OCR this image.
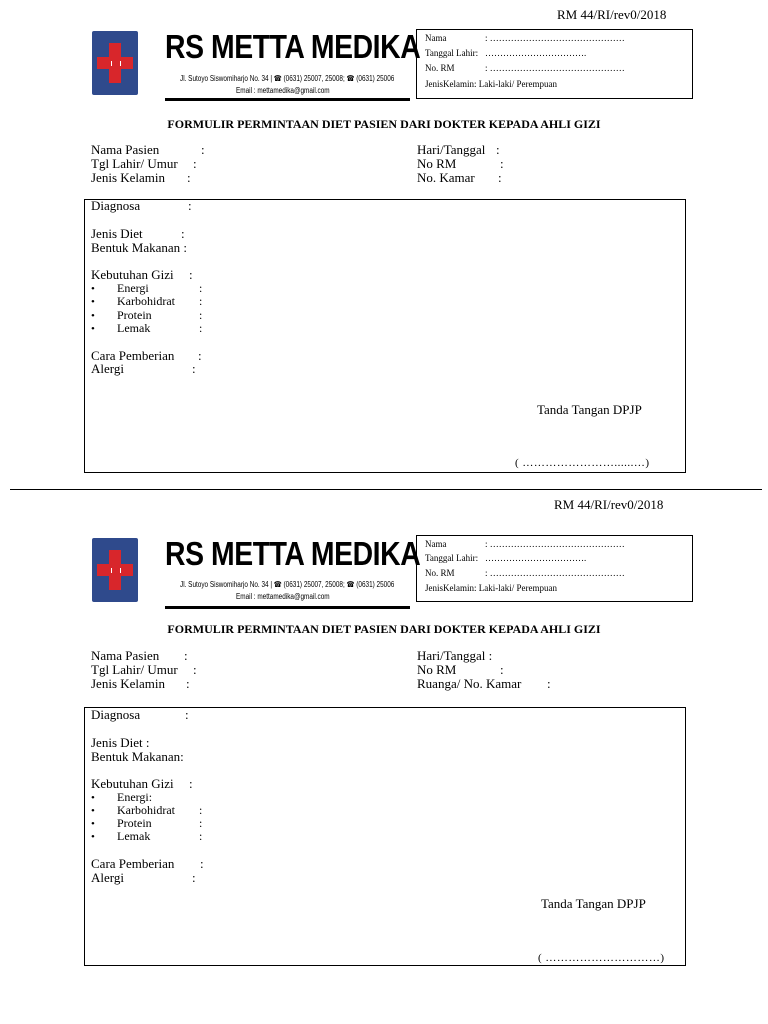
RM 44/RI/rev0/2018
RS METTA MEDIKA
Jl. Sutoyo Siswomiharjo No. 34 | ☎ (0631) 25007, 25008; ☎ (0631) 25006
Email : mettamedika@gmail.com
Nama	: ………………………………………
Tanggal Lahir: …………………………….
No. RM	: ………………………………………
JenisKelamin: Laki-laki/ Perempuan
FORMULIR PERMINTAAN DIET PASIEN DARI DOKTER KEPADA AHLI GIZI
Nama Pasien	:
Tgl Lahir/ Umur :
Jenis Kelamin :
Hari/Tanggal :
No RM	:
No. Kamar :
Diagnosa	:
Jenis Diet	:
Bentuk Makanan :
Kebutuhan Gizi :
• Energi	:
• Karbohidrat :
• Protein	:
• Lemak	:
Cara Pemberian :
Alergi	:
Tanda Tangan DPJP
( ……………………......…)
RM 44/RI/rev0/2018
RS METTA MEDIKA
Jl. Sutoyo Siswomiharjo No. 34 | ☎ (0631) 25007, 25008; ☎ (0631) 25006
Email : mettamedika@gmail.com
Nama	: ………………………………………
Tanggal Lahir: …………………………….
No. RM	: ………………………………………
JenisKelamin: Laki-laki/ Perempuan
FORMULIR PERMINTAAN DIET PASIEN DARI DOKTER KEPADA AHLI GIZI
Nama Pasien :
Tgl Lahir/ Umur :
Jenis Kelamin :
Hari/Tanggal :
No RM	:
Ruanga/ No. Kamar :
Diagnosa	:
Jenis Diet :
Bentuk Makanan:
Kebutuhan Gizi :
• Energi:
• Karbohidrat :
• Protein	:
• Lemak	:
Cara Pemberian :
Alergi	:
Tanda Tangan DPJP
( …………………………)
